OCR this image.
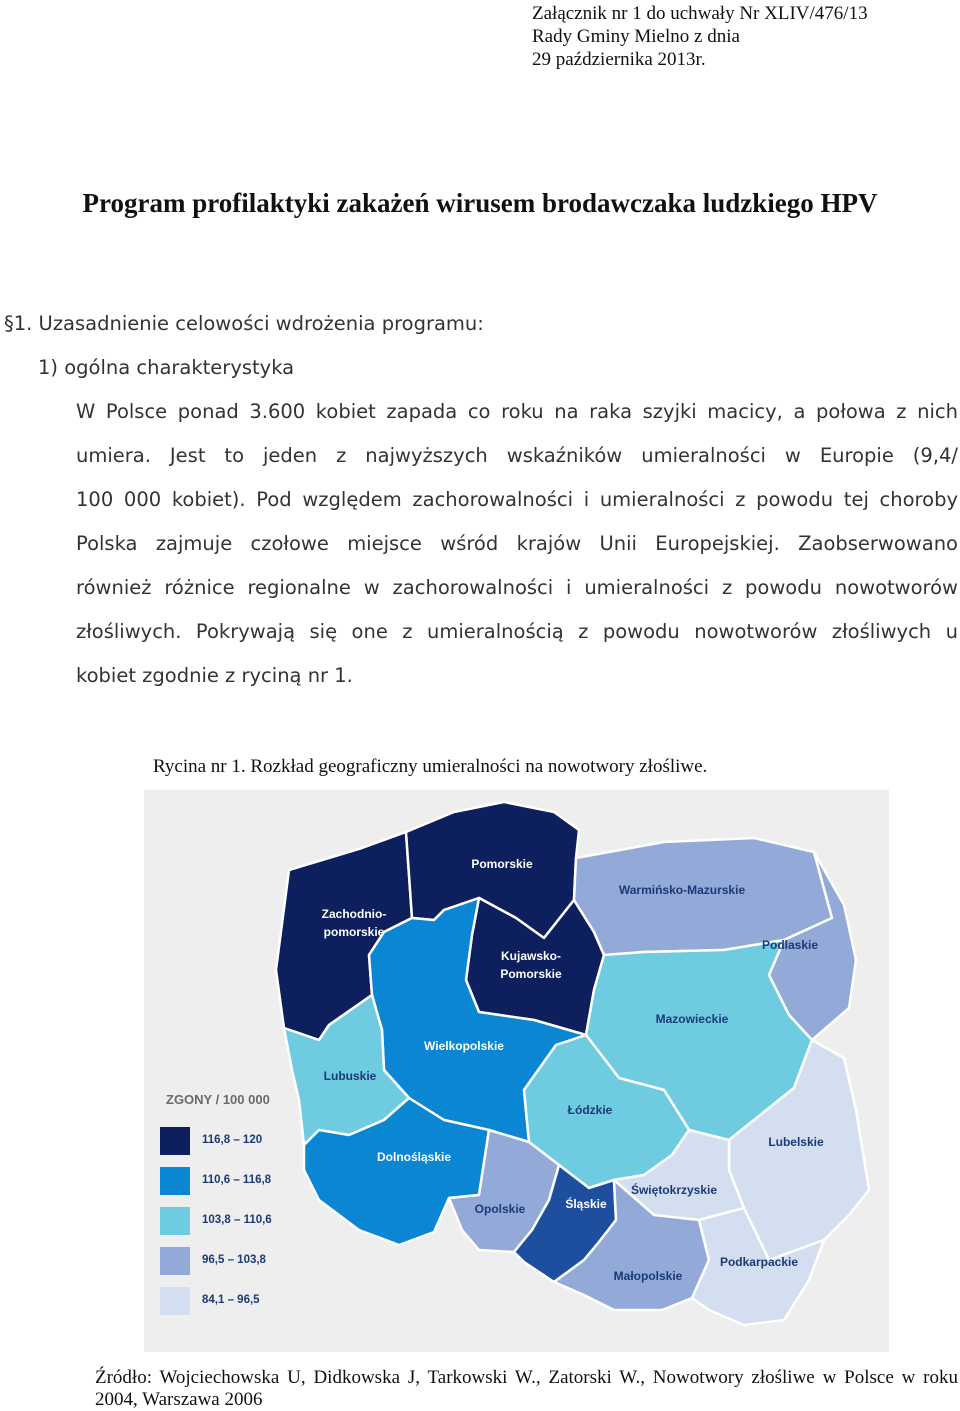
Załącznik nr 1 do uchwały Nr XLIV/476/13
Rady Gminy Mielno z dnia
29 października 2013r.
Program profilaktyki zakażeń wirusem brodawczaka ludzkiego HPV
§1. Uzasadnienie celowości wdrożenia programu:
1) ogólna charakterystyka
W Polsce ponad 3.600 kobiet zapada co roku na raka szyjki macicy, a połowa z nich
umiera. Jest to jeden z najwyższych wskaźników umieralności w Europie (9,4/
100 000 kobiet). Pod względem zachorowalności i umieralności z powodu tej choroby
Polska zajmuje czołowe miejsce wśród krajów Unii Europejskiej. Zaobserwowano
również różnice regionalne w zachorowalności i umieralności z powodu nowotworów
złośliwych. Pokrywają się one z umieralnością z powodu nowotworów złośliwych u
kobiet zgodnie z ryciną nr 1.
Rycina nr 1. Rozkład geograficzny umieralności na nowotwory złośliwe.
Pomorskie
Zachodnio-
pomorskie
Kujawsko-
Pomorskie
Warmińsko-Mazurskie
Podlaskie
Mazowieckie
Wielkopolskie
Lubuskie
Łódzkie
Lubelskie
Dolnośląskie
Świętokrzyskie
Opolskie	Śląskie
Małopolskie
Podkarpackie
ZGONY / 100 000
116,8 – 120
110,6 – 116,8
103,8 – 110,6
96,5 – 103,8
84,1 – 96,5
Źródło: Wojciechowska U, Didkowska J, Tarkowski W., Zatorski W., Nowotwory złośliwe w Polsce w roku
2004, Warszawa 2006
